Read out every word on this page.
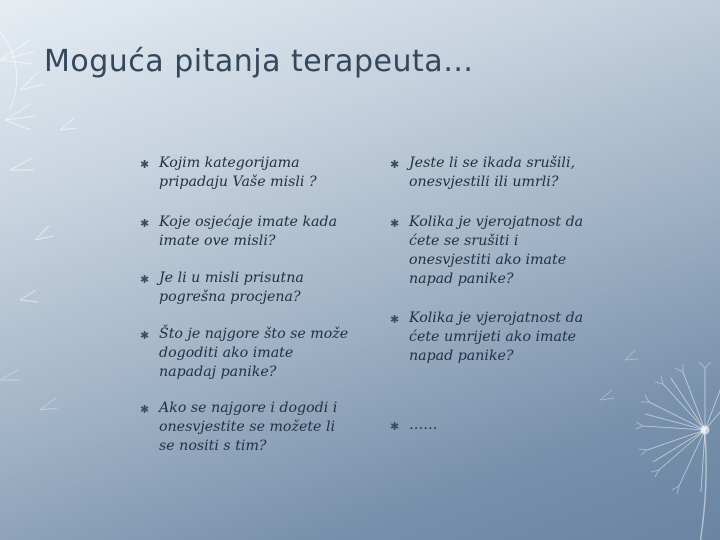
Moguća pitanja terapeuta…
✱ Kojim kategorijama pripadaju Vaše misli ?
✱ Koje osjećaje imate kada imate ove misli?
✱ Je li u misli prisutna pogrešna procjena?
✱ Što je najgore što se može dogoditi ako imate napadaj panike?
✱ Ako se najgore i dogodi i onesvjestite se možete li se nositi s tim?
✱ Jeste li se ikada srušili, onesvjestili ili umrli?
✱ Kolika je vjerojatnost da ćete se srušiti i onesvjestiti ako imate napad panike?
✱ Kolika je vjerojatnost da ćete umrijeti ako imate napad panike?
✱ ……
